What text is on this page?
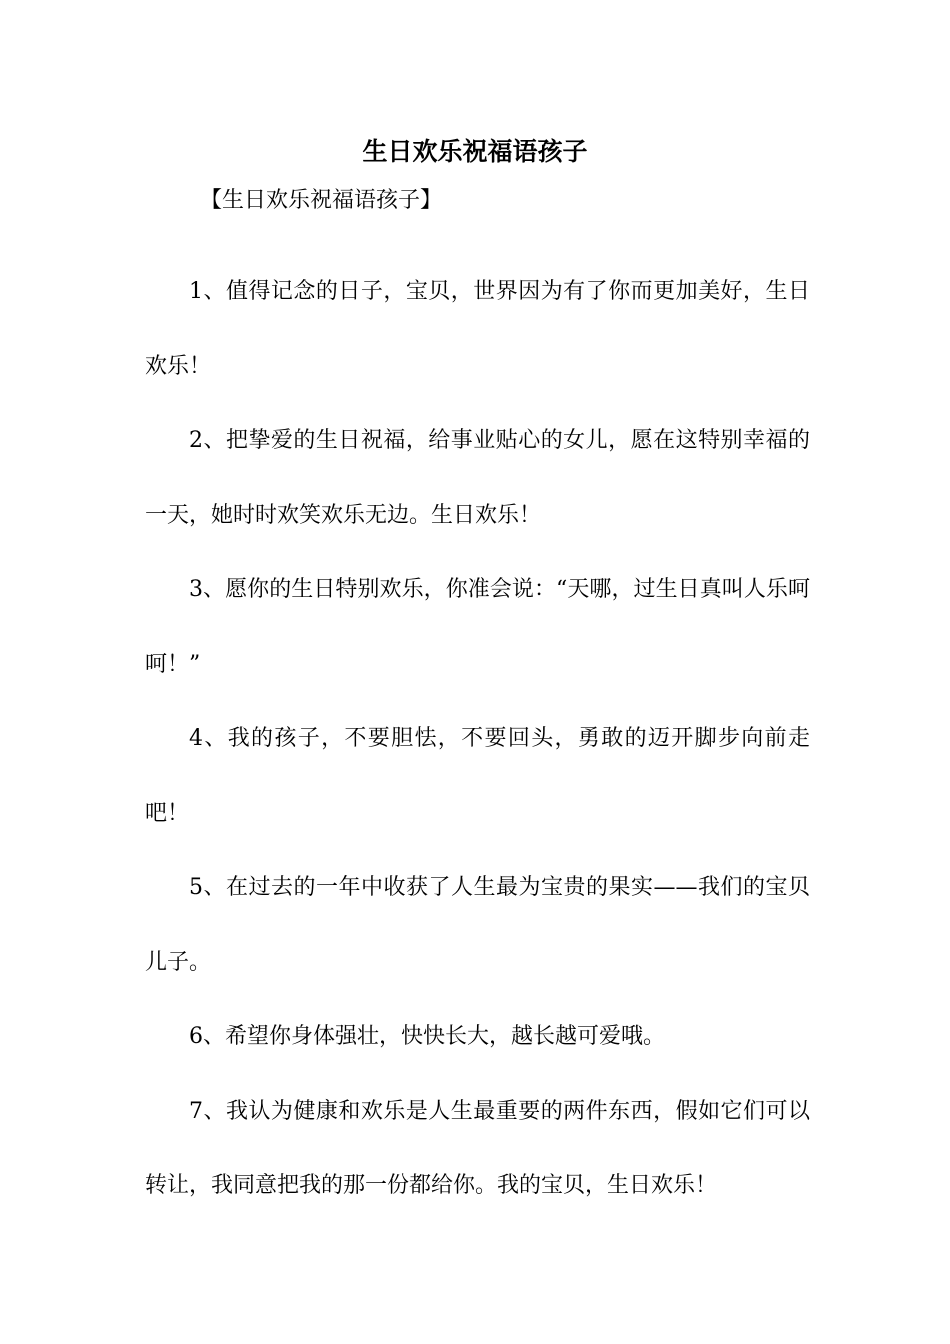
生日欢乐祝福语孩子

【生日欢乐祝福语孩子】

1、值得记念的日子，宝贝，世界因为有了你而更加美好，生日欢乐！

2、把挚爱的生日祝福，给事业贴心的女儿，愿在这特别幸福的一天，她时时欢笑欢乐无边。生日欢乐！

3、愿你的生日特别欢乐，你准会说：“天哪，过生日真叫人乐呵呵！”

4、我的孩子，不要胆怯，不要回头，勇敢的迈开脚步向前走吧！

5、在过去的一年中收获了人生最为宝贵的果实——我们的宝贝儿子。

6、希望你身体强壮，快快长大，越长越可爱哦。

7、我认为健康和欢乐是人生最重要的两件东西，假如它们可以转让，我同意把我的那一份都给你。我的宝贝，生日欢乐！
